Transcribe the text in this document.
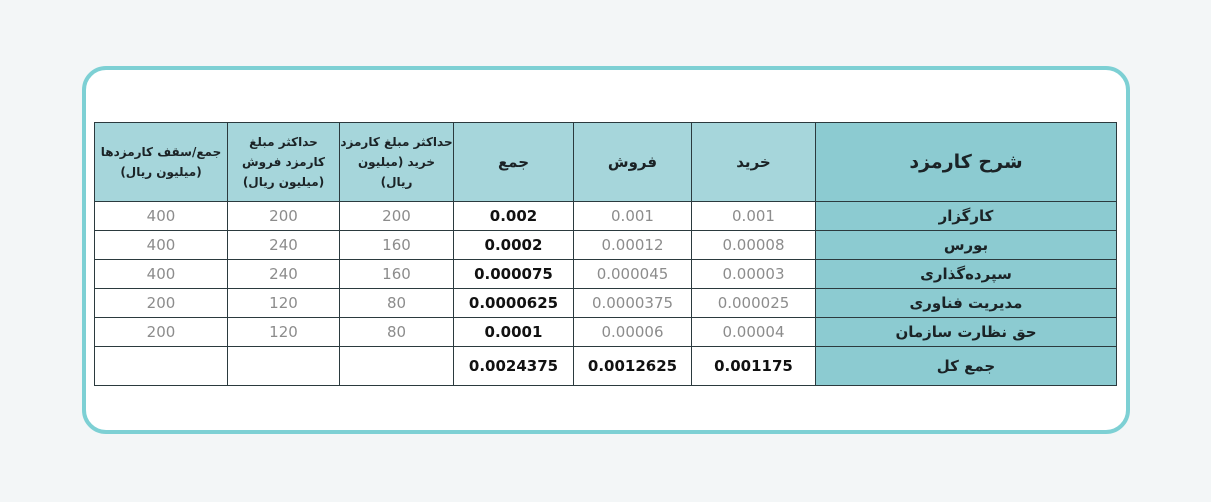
جمع/سقف کارمزدها (میلیون ریال)	حداکثر مبلغ کارمزد فروش (میلیون ریال)	حداکثر مبلغ کارمزد خرید (میلیون ریال)	جمع	فروش	خرید	شرح کارمزد
400	200	200	0.002	0.001	0.001	کارگزار
400	240	160	0.0002	0.00012	0.00008	بورس
400	240	160	0.000075	0.000045	0.00003	سپرده‌گذاری
200	120	80	0.0000625	0.0000375	0.000025	مدیریت فناوری
200	120	80	0.0001	0.00006	0.00004	حق نظارت سازمان
			0.0024375	0.0012625	0.001175	جمع کل
